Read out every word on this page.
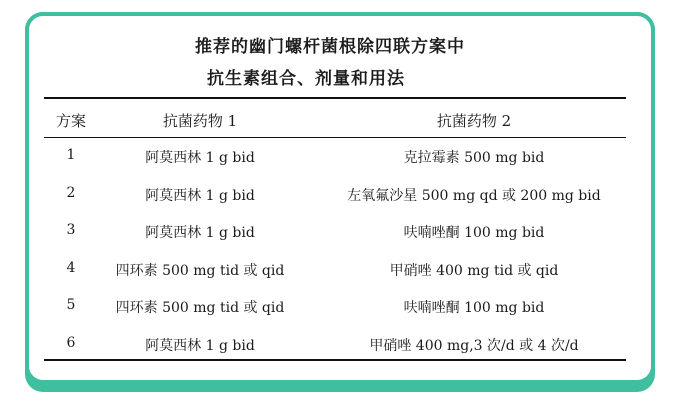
推荐的幽门螺杆菌根除四联方案中
抗生素组合、剂量和用法
方案	抗菌药物 1	抗菌药物 2
1	阿莫西林 1 g bid	克拉霉素 500 mg bid
2	阿莫西林 1 g bid	左氧氟沙星 500 mg qd 或 200 mg bid
3	阿莫西林 1 g bid	呋喃唑酮 100 mg bid
4	四环素 500 mg tid 或 qid	甲硝唑 400 mg tid 或 qid
5	四环素 500 mg tid 或 qid	呋喃唑酮 100 mg bid
6	阿莫西林 1 g bid	甲硝唑 400 mg,3 次/d 或 4 次/d
